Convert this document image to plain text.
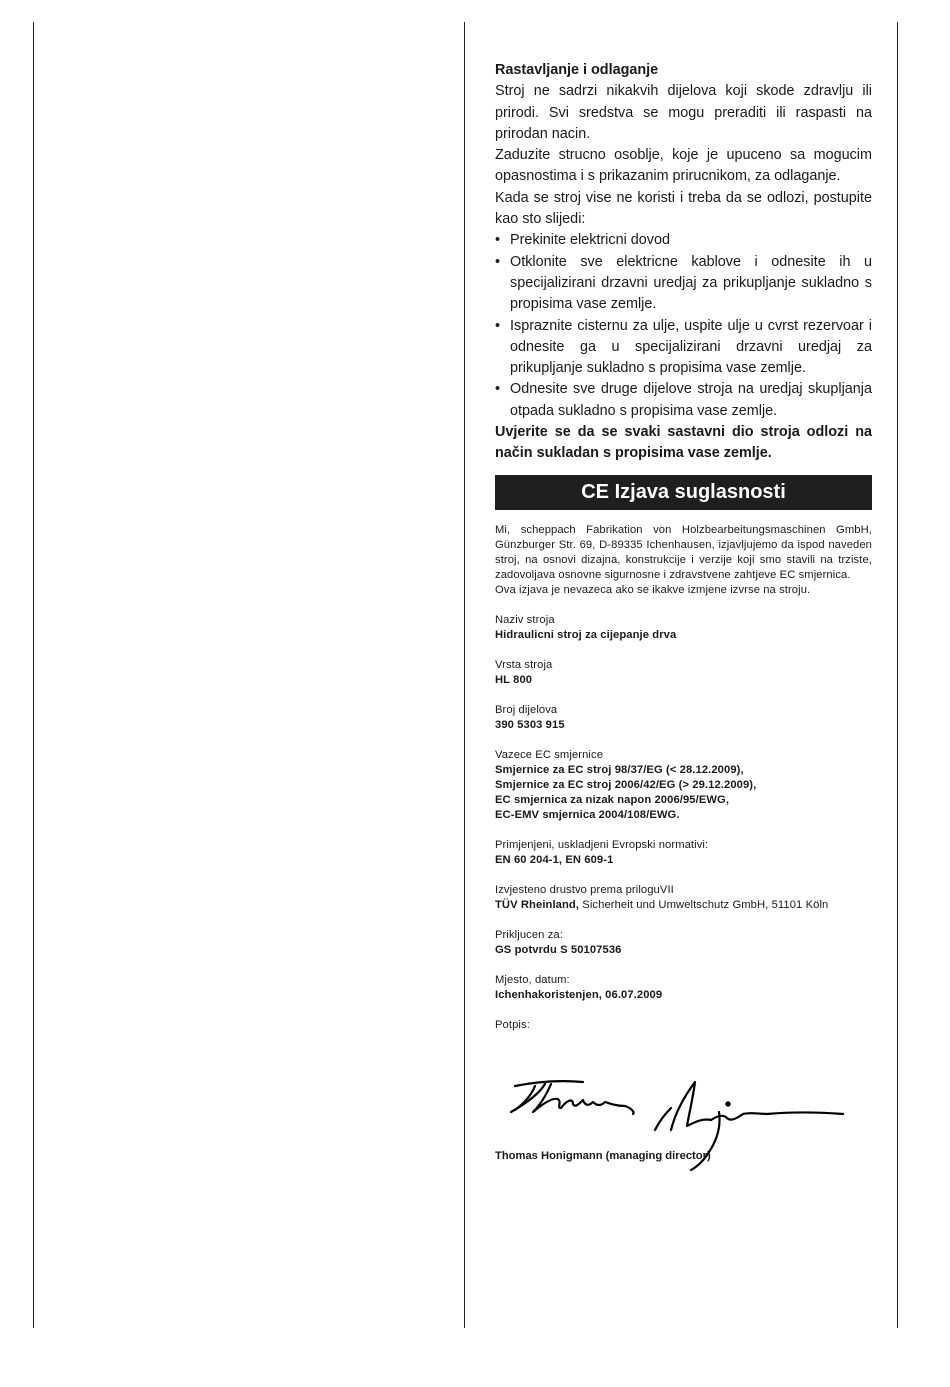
Rastavljanje i odlaganje

Stroj ne sadrzi nikakvih dijelova koji skode zdravlju ili prirodi. Svi sredstva se mogu preraditi ili raspasti na prirodan nacin.

Zaduzite strucno osoblje, koje je upuceno sa mogucim opasnostima i s prikazanim prirucnikom, za odlaganje.

Kada se stroj vise ne koristi i treba da se odlozi, postupite kao sto slijedi:

• Prekinite elektricni dovod
• Otklonite sve elektricne kablove i odnesite ih u specijalizirani drzavni uredjaj za prikupljanje sukladno s propisima vase zemlje.
• Ispraznite cisternu za ulje, uspite ulje u cvrst rezervoar i odnesite ga u specijalizirani drzavni uredjaj za prikupljanje sukladno s propisima vase zemlje.
• Odnesite sve druge dijelove stroja na uredjaj skupljanja otpada sukladno s propisima vase zemlje.

Uvjerite se da se svaki sastavni dio stroja odlozi na način sukladan s propisima vase zemlje.

CE Izjava suglasnosti

Mi, scheppach Fabrikation von Holzbearbeitungsmaschinen GmbH, Günzburger Str. 69, D-89335 Ichenhausen, izjavljujemo da ispod naveden stroj, na osnovi dizajna, konstrukcije i verzije koji smo stavili na trziste, zadovoljava osnovne sigurnosne i zdravstvene zahtjeve EC smjernica.

Ova izjava je nevazeca ako se ikakve izmjene izvrse na stroju.

Naziv stroja
Hidraulicni stroj za cijepanje drva
Vrsta stroja
HL 800
Broj dijelova
390 5303 915
Vazece EC smjernice
Smjernice za EC stroj 98/37/EG (< 28.12.2009),
Smjernice za EC stroj 2006/42/EG (> 29.12.2009),
EC smjernica za nizak napon 2006/95/EWG,
EC-EMV smjernica 2004/108/EWG.
Primjenjeni, uskladjeni Evropski normativi:
EN 60 204-1, EN 609-1
Izvjesteno drustvo prema priloguVII
TÜV Rheinland, Sicherheit und Umweltschutz GmbH, 51101 Köln
Prikljucen za:
GS potvrdu S 50107536
Mjesto, datum:
Ichenhakoristenjen, 06.07.2009
Potpis:
Thomas Honigmann (managing director)
